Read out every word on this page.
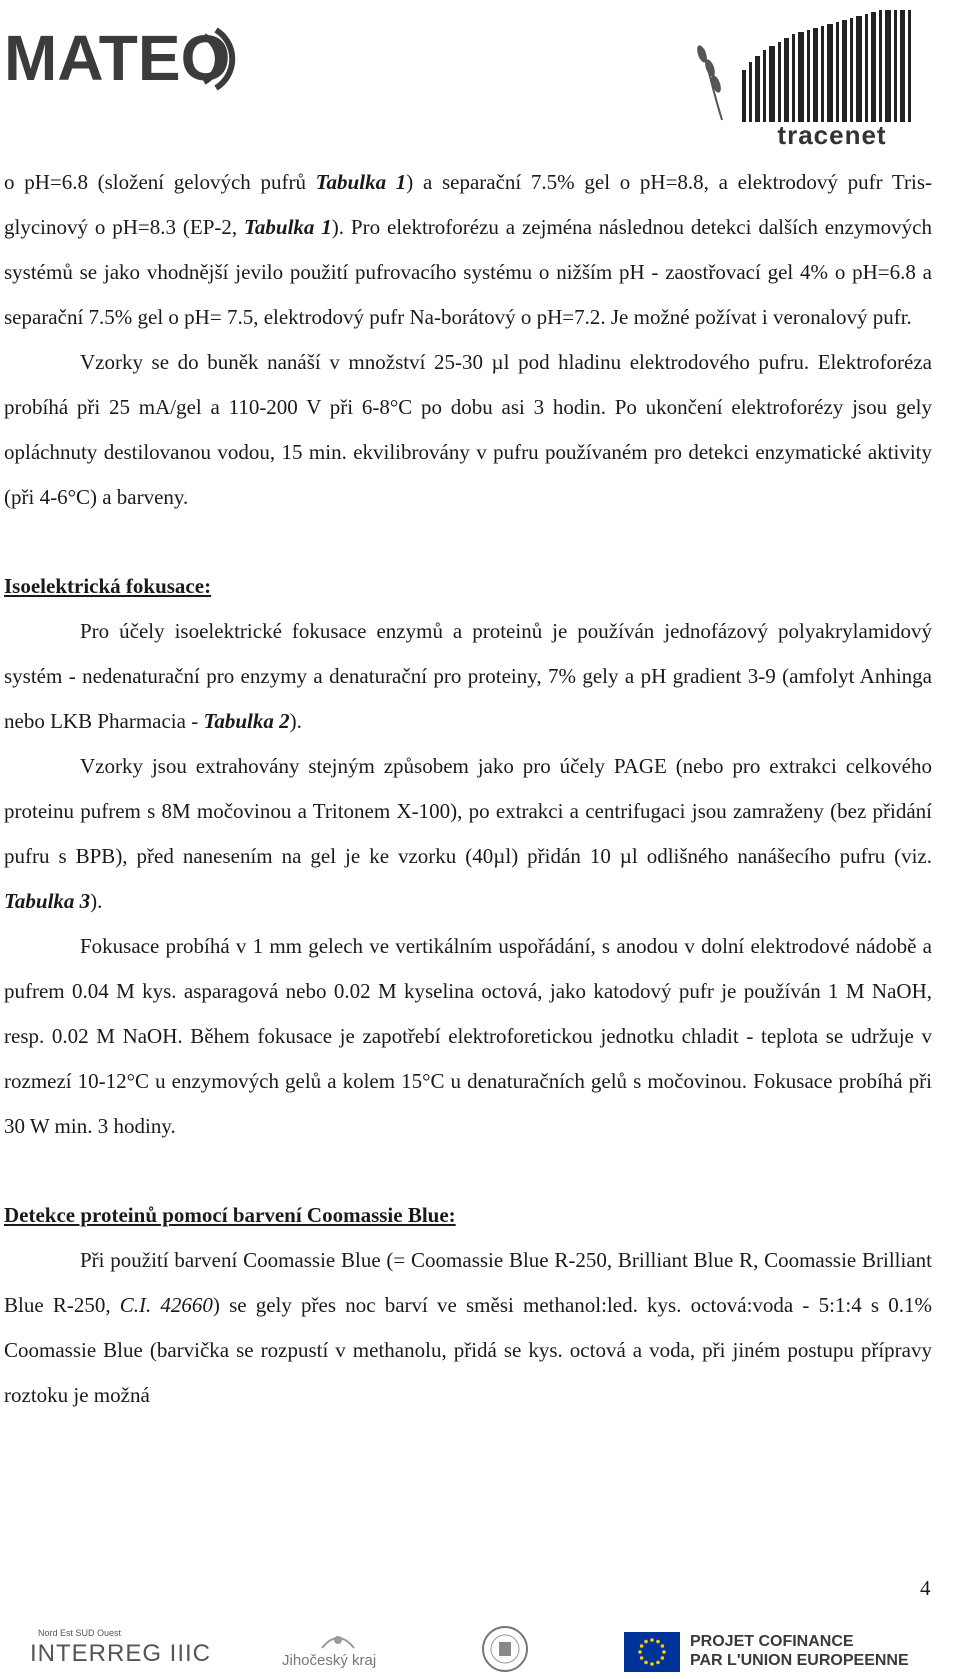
MATEO
tracenet

o pH=6.8 (složení gelových pufrů Tabulka 1) a separační 7.5% gel o pH=8.8, a elektrodový pufr Tris-glycinový o pH=8.3 (EP-2, Tabulka 1). Pro elektroforézu a zejména následnou detekci dalších enzymových systémů se jako vhodnější jevilo použití pufrovacího systému o nižším pH - zaostřovací gel 4% o pH=6.8 a separační 7.5% gel o pH= 7.5, elektrodový pufr Na-borátový o pH=7.2. Je možné požívat i veronalový pufr.

Vzorky se do buněk nanáší v množství 25-30 µl pod hladinu elektrodového pufru. Elektroforéza probíhá při 25 mA/gel a 110-200 V při 6-8°C po dobu asi 3 hodin. Po ukončení elektroforézy jsou gely opláchnuty destilovanou vodou, 15 min. ekvilibrovány v pufru používaném pro detekci enzymatické aktivity (při 4-6°C) a barveny.

Isoelektrická fokusace:

Pro účely isoelektrické fokusace enzymů a proteinů je používán jednofázový polyakrylamidový systém - nedenaturační pro enzymy a denaturační pro proteiny, 7% gely a pH gradient 3-9 (amfolyt Anhinga nebo LKB Pharmacia - Tabulka 2).

Vzorky jsou extrahovány stejným způsobem jako pro účely PAGE (nebo pro extrakci celkového proteinu pufrem s 8M močovinou a Tritonem X-100), po extrakci a centrifugaci jsou zamraženy (bez přidání pufru s BPB), před nanesením na gel je ke vzorku (40µl) přidán 10 µl odlišného nanášecího pufru (viz. Tabulka 3).

Fokusace probíhá v 1 mm gelech ve vertikálním uspořádání, s anodou v dolní elektrodové nádobě a pufrem 0.04 M kys. asparagová nebo 0.02 M kyselina octová, jako katodový pufr je používán 1 M NaOH, resp. 0.02 M NaOH. Během fokusace je zapotřebí elektroforetickou jednotku chladit - teplota se udržuje v rozmezí 10-12°C u enzymových gelů a kolem 15°C u denaturačních gelů s močovinou. Fokusace probíhá při 30 W min. 3 hodiny.

Detekce proteinů pomocí barvení Coomassie Blue:

Při použití barvení Coomassie Blue (= Coomassie Blue R-250, Brilliant Blue R, Coomassie Brilliant Blue R-250, C.I. 42660) se gely přes noc barví ve směsi methanol:led. kys. octová:voda - 5:1:4 s 0.1% Coomassie Blue (barvička se rozpustí v methanolu, přidá se kys. octová a voda, při jiném postupu přípravy roztoku je možná

4
Nord Est SUD Ouest
INTERREG IIIC	Jihočeský kraj
PROJET COFINANCE
PAR L'UNION EUROPEENNE
